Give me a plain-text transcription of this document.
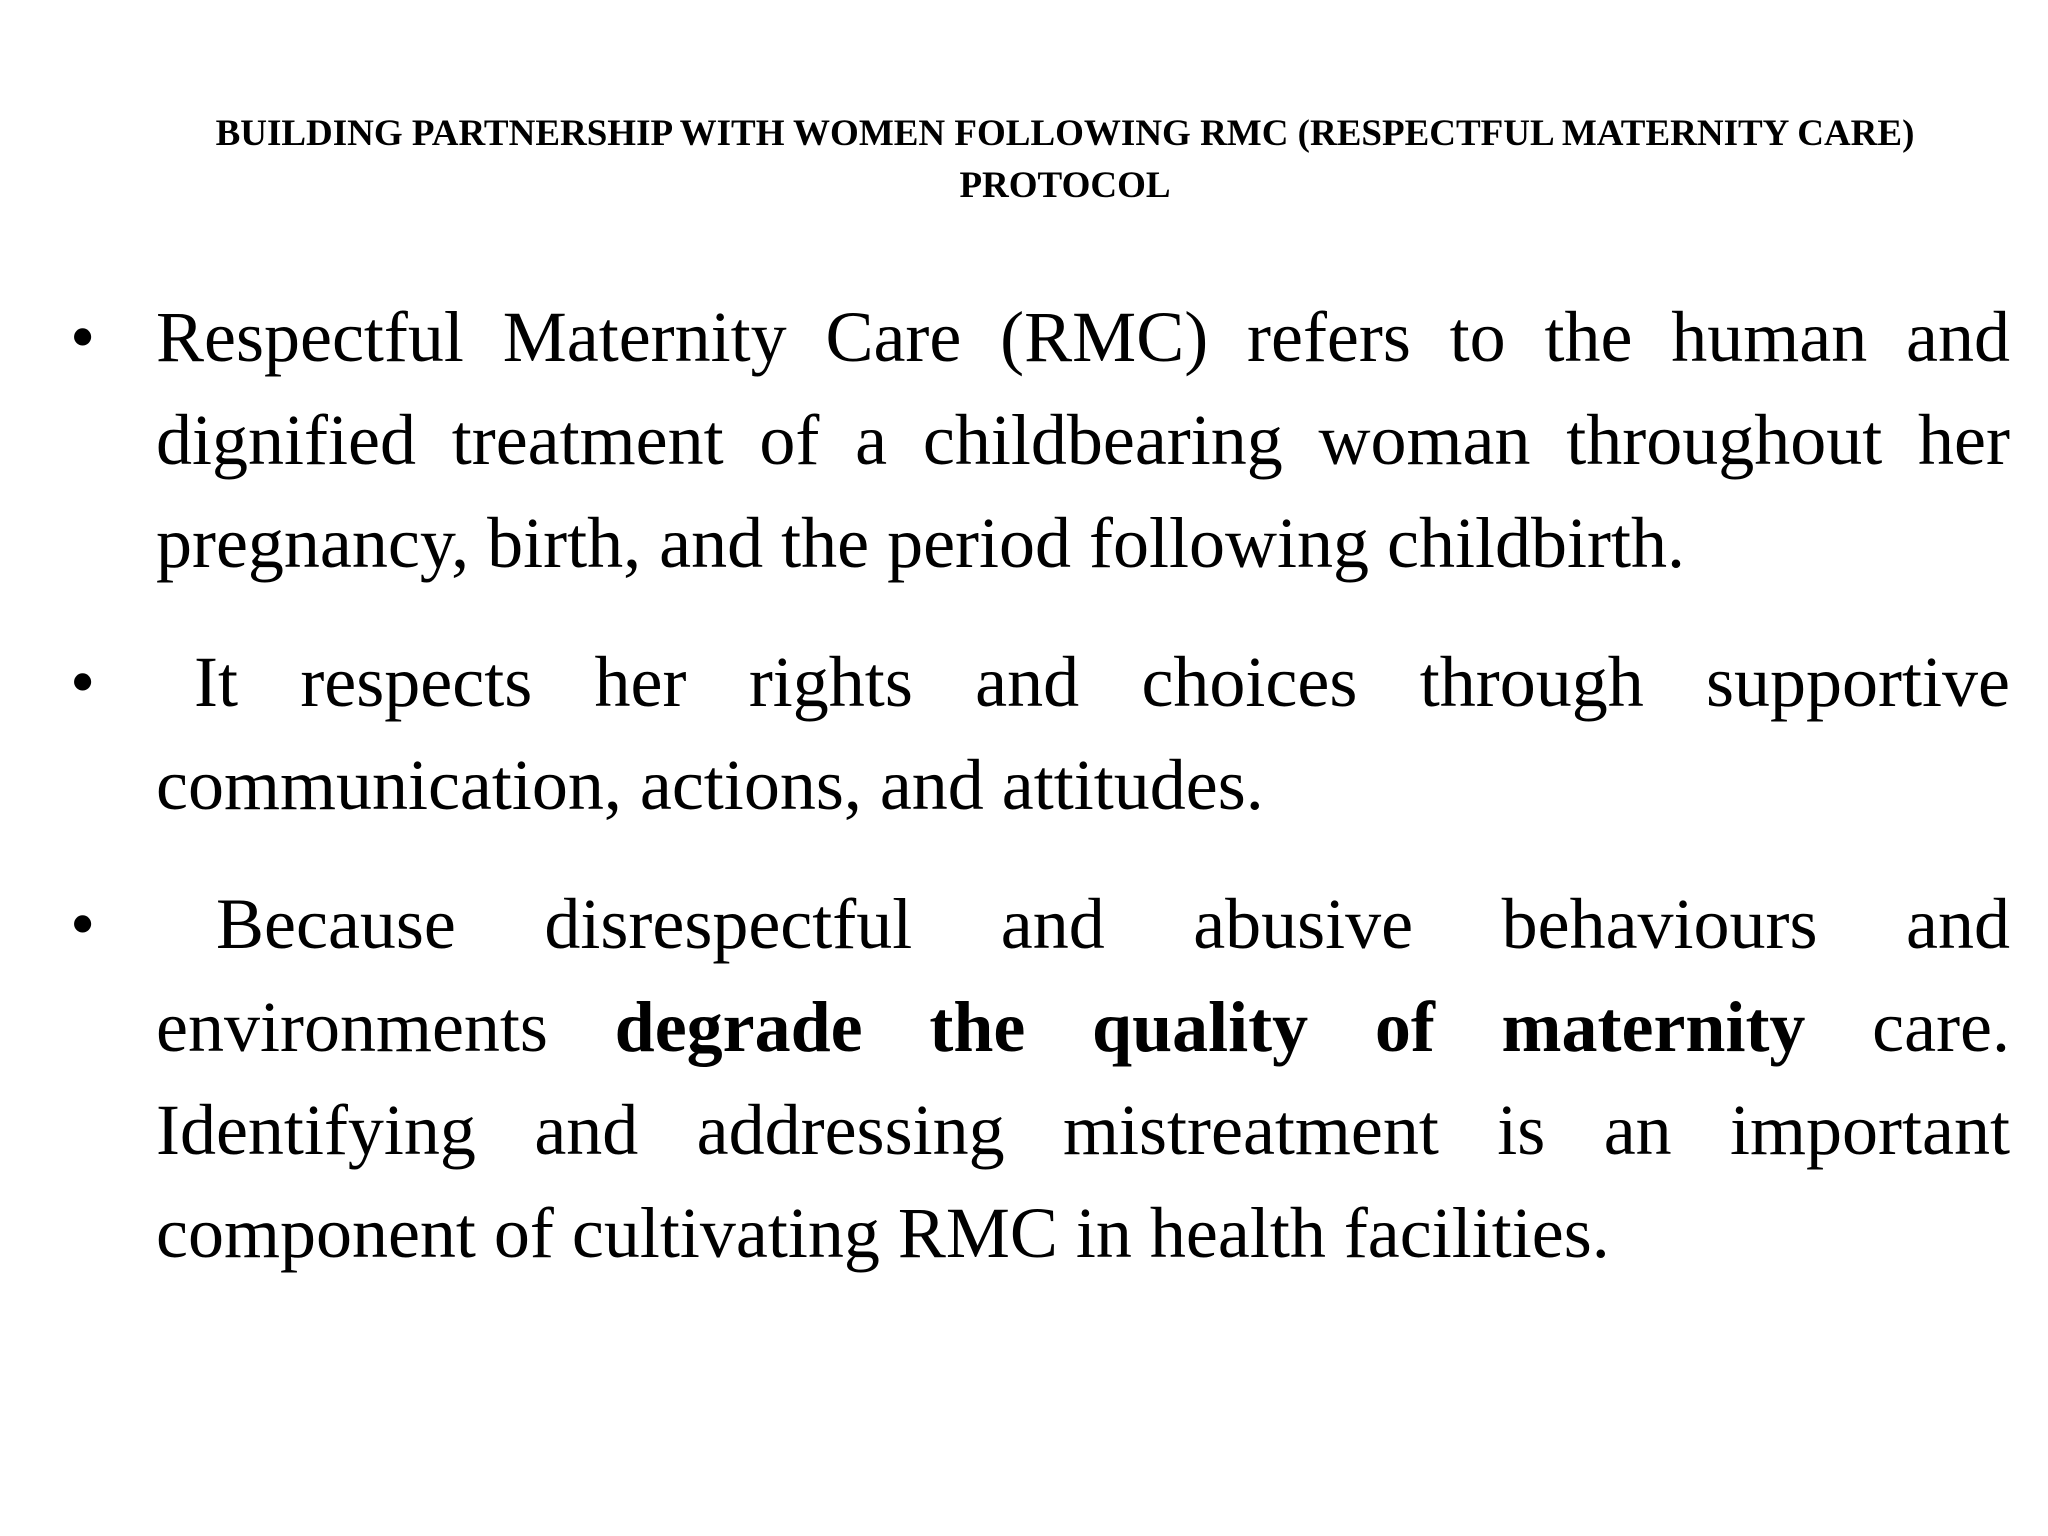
BUILDING PARTNERSHIP WITH WOMEN FOLLOWING RMC (RESPECTFUL MATERNITY CARE) PROTOCOL
• Respectful Maternity Care (RMC) refers to the human and dignified treatment of a childbearing woman throughout her pregnancy, birth, and the period following childbirth.
• It respects her rights and choices through supportive communication, actions, and attitudes.
• Because disrespectful and abusive behaviours and environments degrade the quality of maternity care. Identifying and addressing mistreatment is an important component of cultivating RMC in health facilities.
